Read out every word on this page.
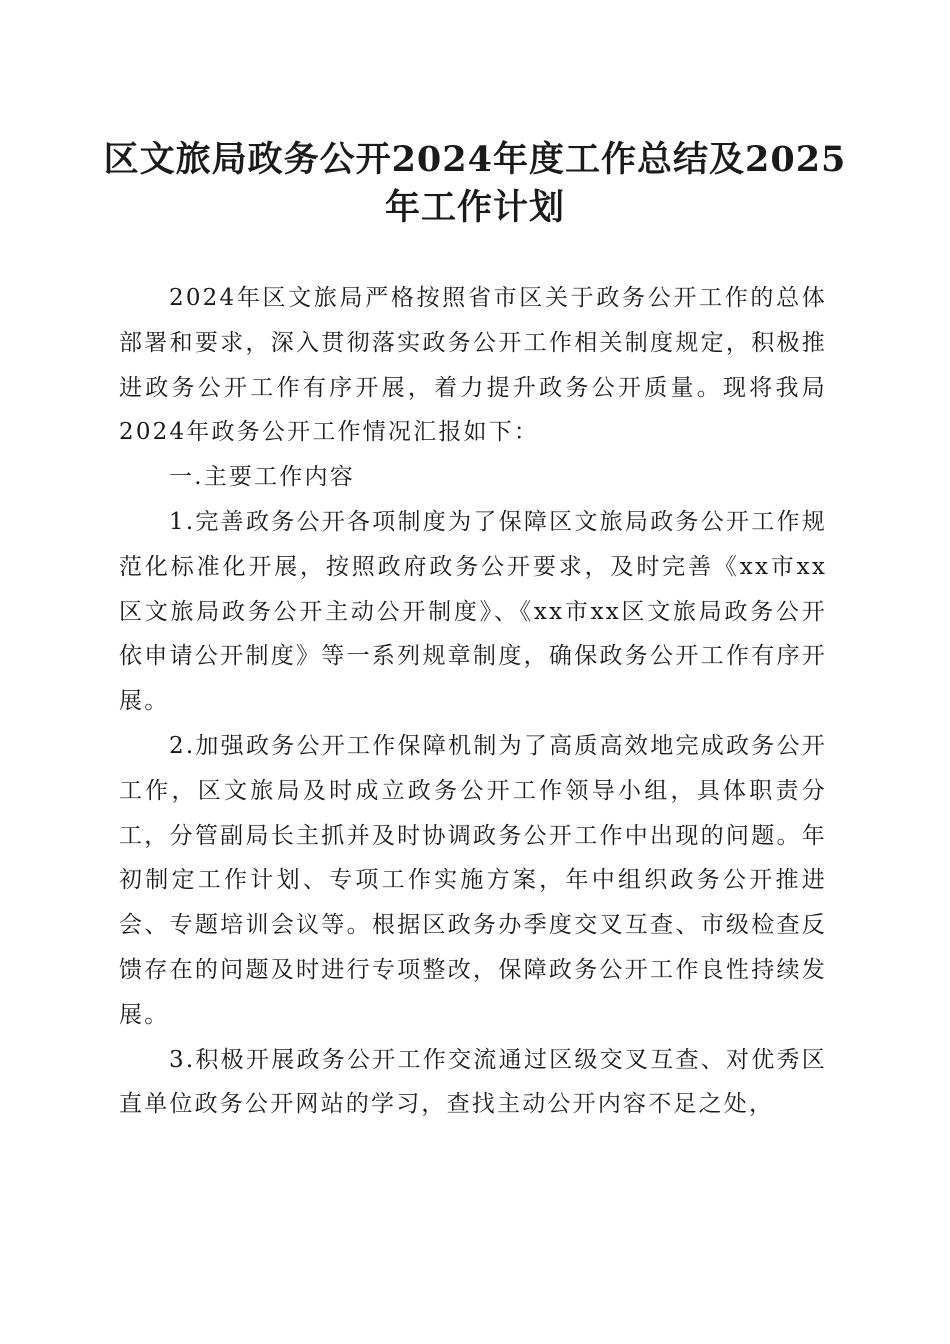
区文旅局政务公开2024年度工作总结及2025年工作计划

2024年区文旅局严格按照省市区关于政务公开工作的总体部署和要求，深入贯彻落实政务公开工作相关制度规定，积极推进政务公开工作有序开展，着力提升政务公开质量。现将我局2024年政务公开工作情况汇报如下：

一.主要工作内容

1.完善政务公开各项制度为了保障区文旅局政务公开工作规范化标准化开展，按照政府政务公开要求，及时完善《xx市xx区文旅局政务公开主动公开制度》、《xx市xx区文旅局政务公开依申请公开制度》等一系列规章制度，确保政务公开工作有序开展。

2.加强政务公开工作保障机制为了高质高效地完成政务公开工作，区文旅局及时成立政务公开工作领导小组，具体职责分工，分管副局长主抓并及时协调政务公开工作中出现的问题。年初制定工作计划、专项工作实施方案，年中组织政务公开推进会、专题培训会议等。根据区政务办季度交叉互查、市级检查反馈存在的问题及时进行专项整改，保障政务公开工作良性持续发展。

3.积极开展政务公开工作交流通过区级交叉互查、对优秀区直单位政务公开网站的学习，查找主动公开内容不足之处，
